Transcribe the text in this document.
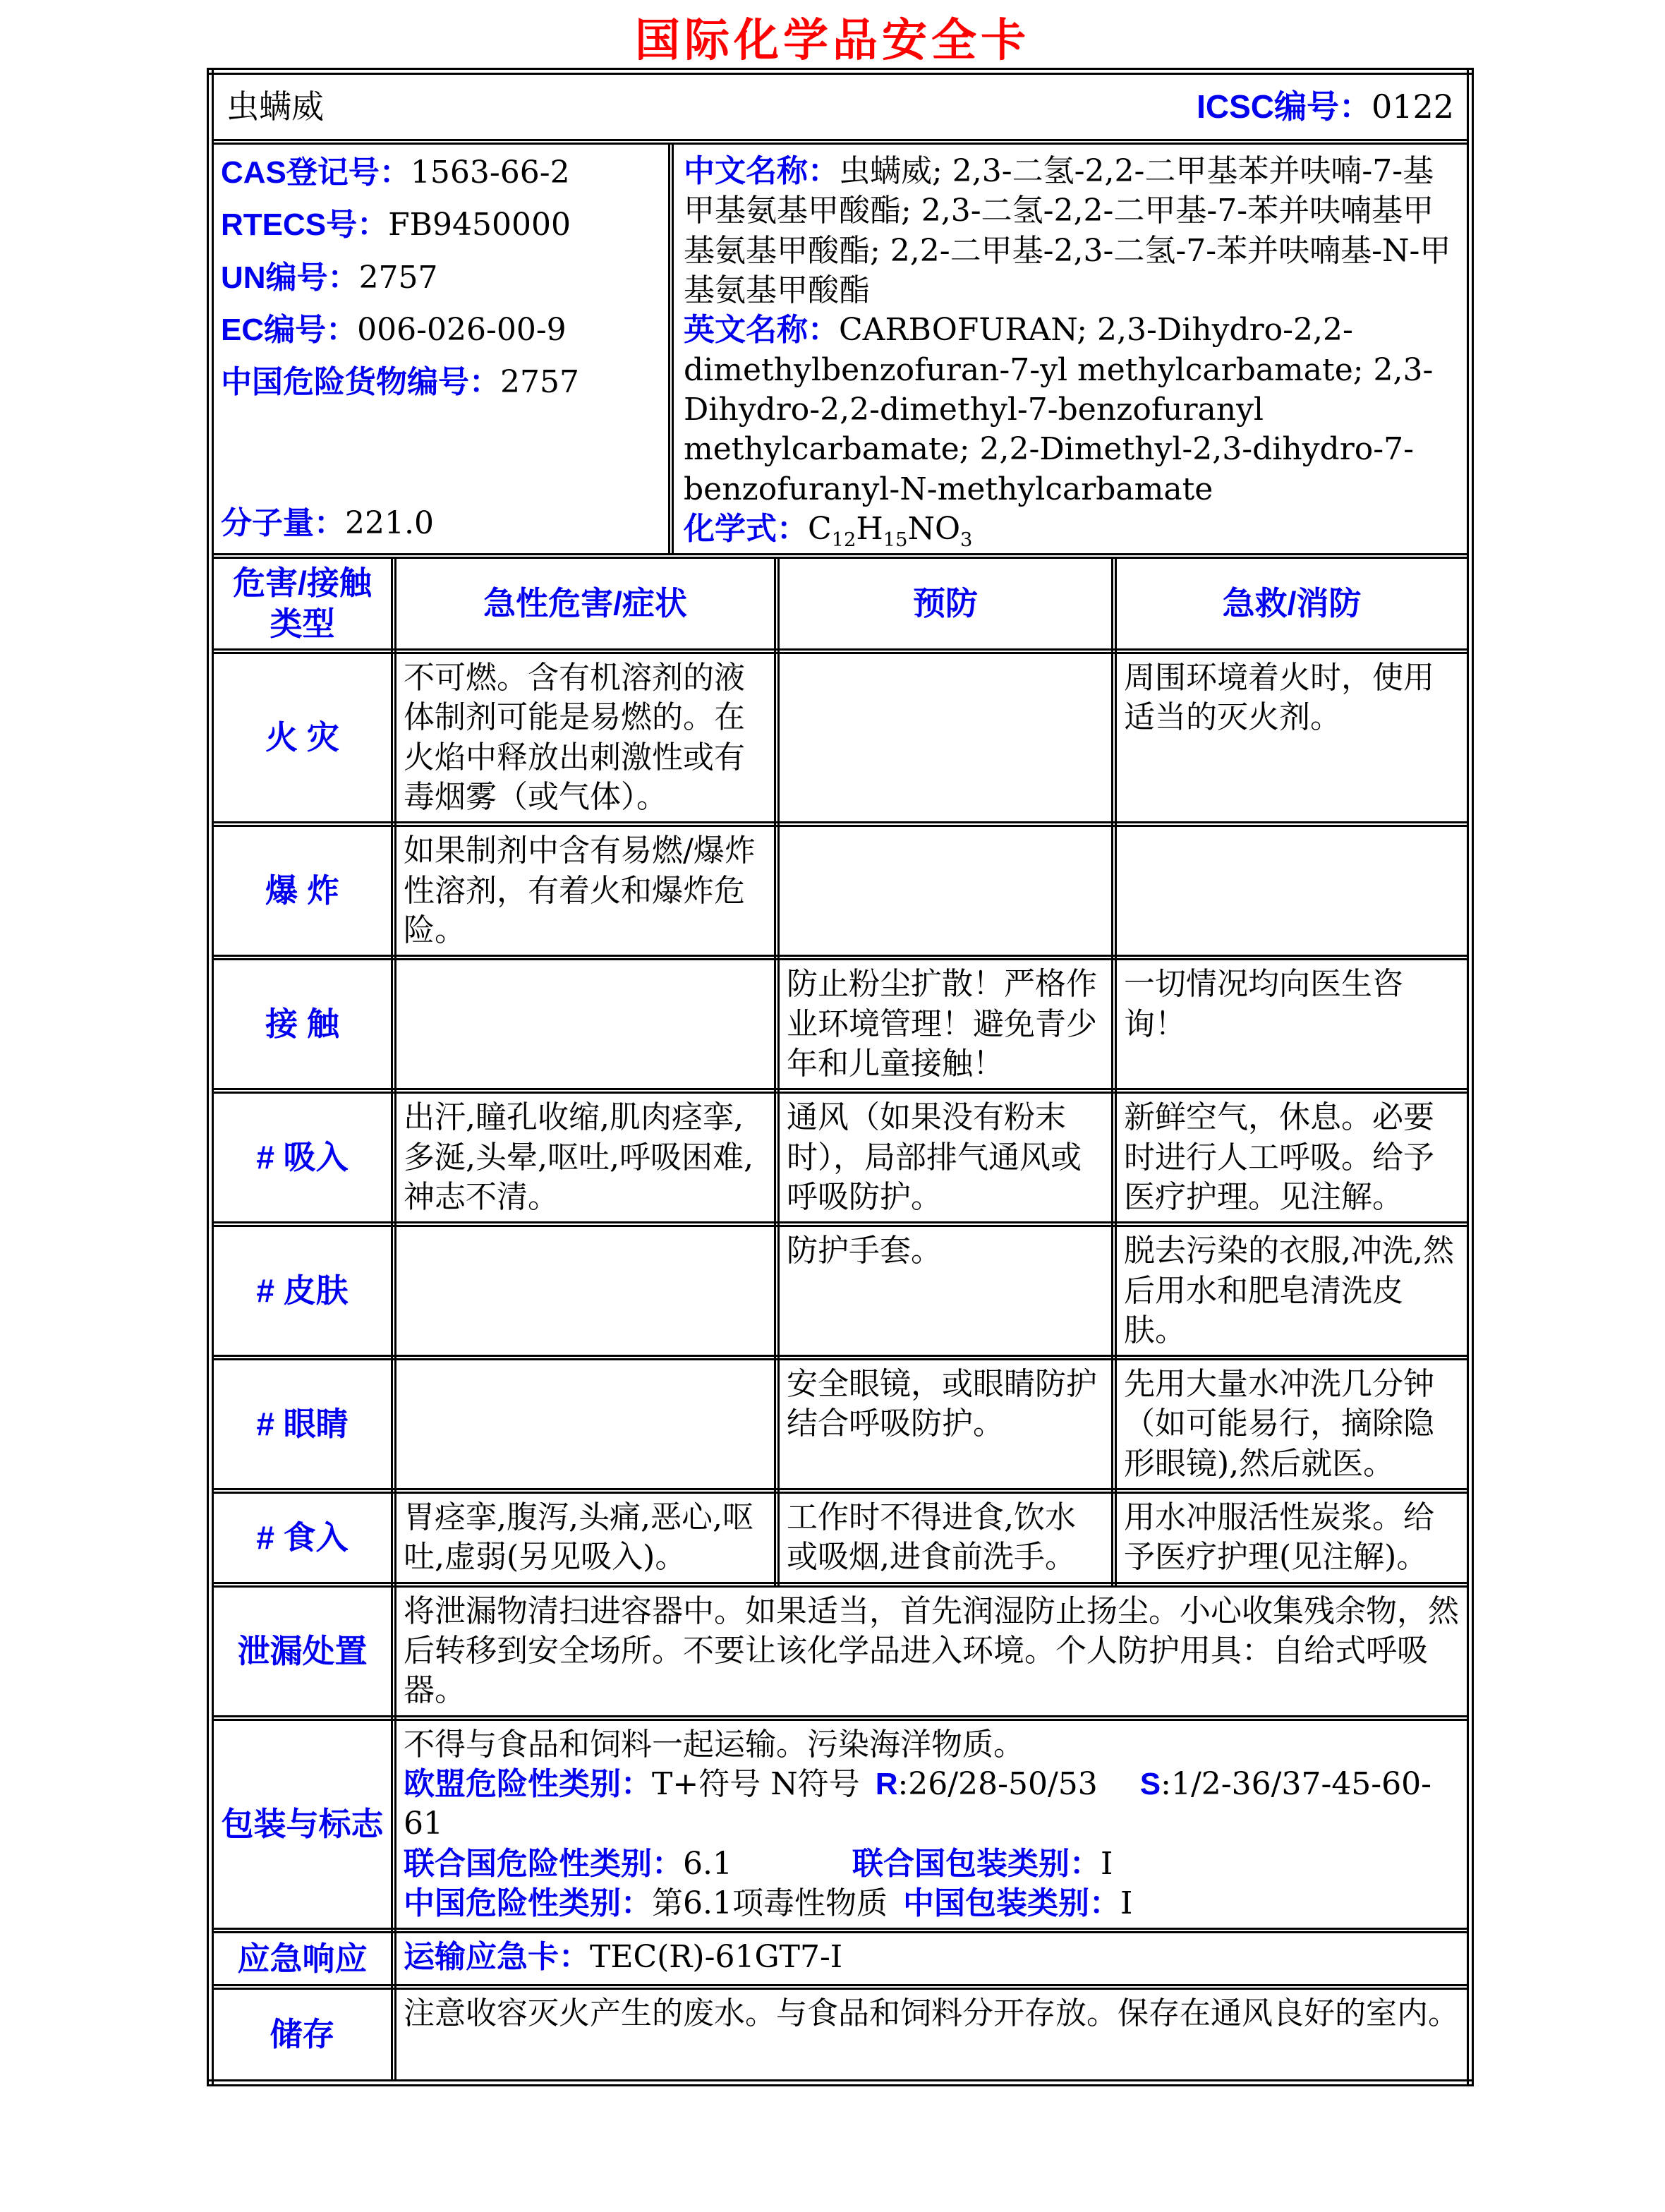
国际化学品安全卡
虫螨威 ICSC编号：0122			

CAS登记号：1563-66-2
RTECS号：FB9450000
UN编号：2757
EC编号：006-026-00-9
中国危险货物编号：2757
分子量：221.0

中文名称：虫螨威; 2,3-二氢-2,2-二甲基苯并呋喃-7-基甲基氨基甲酸酯; 2,3-二氢-2,2-二甲基-7-苯并呋喃基甲基氨基甲酸酯; 2,2-二甲基-2,3-二氢-7-苯并呋喃基-N-甲基氨基甲酸酯

英文名称：CARBOFURAN; 2,3-Dihydro-2,2-dimethylbenzofuran-7-yl methylcarbamate; 2,3-Dihydro-2,2-dimethyl-7-benzofuranyl methylcarbamate; 2,2-Dimethyl-2,3-dihydro-7-benzofuranyl-N-methylcarbamate

化学式：$C_{12}H_{15}NO_3$

危害/接触类型	急性危害/症状	预防	急救/消防
火 灾	不可燃。含有机溶剂的液体制剂可能是易燃的。在火焰中释放出刺激性或有毒烟雾（或气体）。		周围环境着火时，使用适当的灭火剂。
爆 炸	如果制剂中含有易燃/爆炸性溶剂，有着火和爆炸危险。		
接 触		防止粉尘扩散！严格作业环境管理！避免青少年和儿童接触！	一切情况均向医生咨询！
# 吸入	出汗,瞳孔收缩,肌肉痉挛,多涎,头晕,呕吐,呼吸困难,神志不清。	通风（如果没有粉末时），局部排气通风或呼吸防护。	新鲜空气，休息。必要时进行人工呼吸。给予医疗护理。见注解。
# 皮肤		防护手套。	脱去污染的衣服,冲洗,然后用水和肥皂清洗皮肤。
# 眼睛		安全眼镜，或眼睛防护结合呼吸防护。	先用大量水冲洗几分钟（如可能易行，摘除隐形眼镜),然后就医。
# 食入	胃痉挛,腹泻,头痛,恶心,呕吐,虚弱(另见吸入)。	工作时不得进食,饮水或吸烟,进食前洗手。	用水冲服活性炭浆。给予医疗护理(见注解)。
泄漏处置	将泄漏物清扫进容器中。如果适当，首先润湿防止扬尘。小心收集残余物，然后转移到安全场所。不要让该化学品进入环境。个人防护用具：自给式呼吸器。		
包装与标志	不得与食品和饲料一起运输。污染海洋物质。

欧盟危险性类别：T+符号 N符号 R:26/28-50/53 S:1/2-36/37-45-60-61

联合国危险性类别：6.1 联合国包装类别：I

中国危险性类别：第6.1项毒性物质 中国包装类别：I		

应急响应	运输应急卡：TEC(R)-61GT7-I		
储存	注意收容灭火产生的废水。与食品和饲料分开存放。保存在通风良好的室内。		
